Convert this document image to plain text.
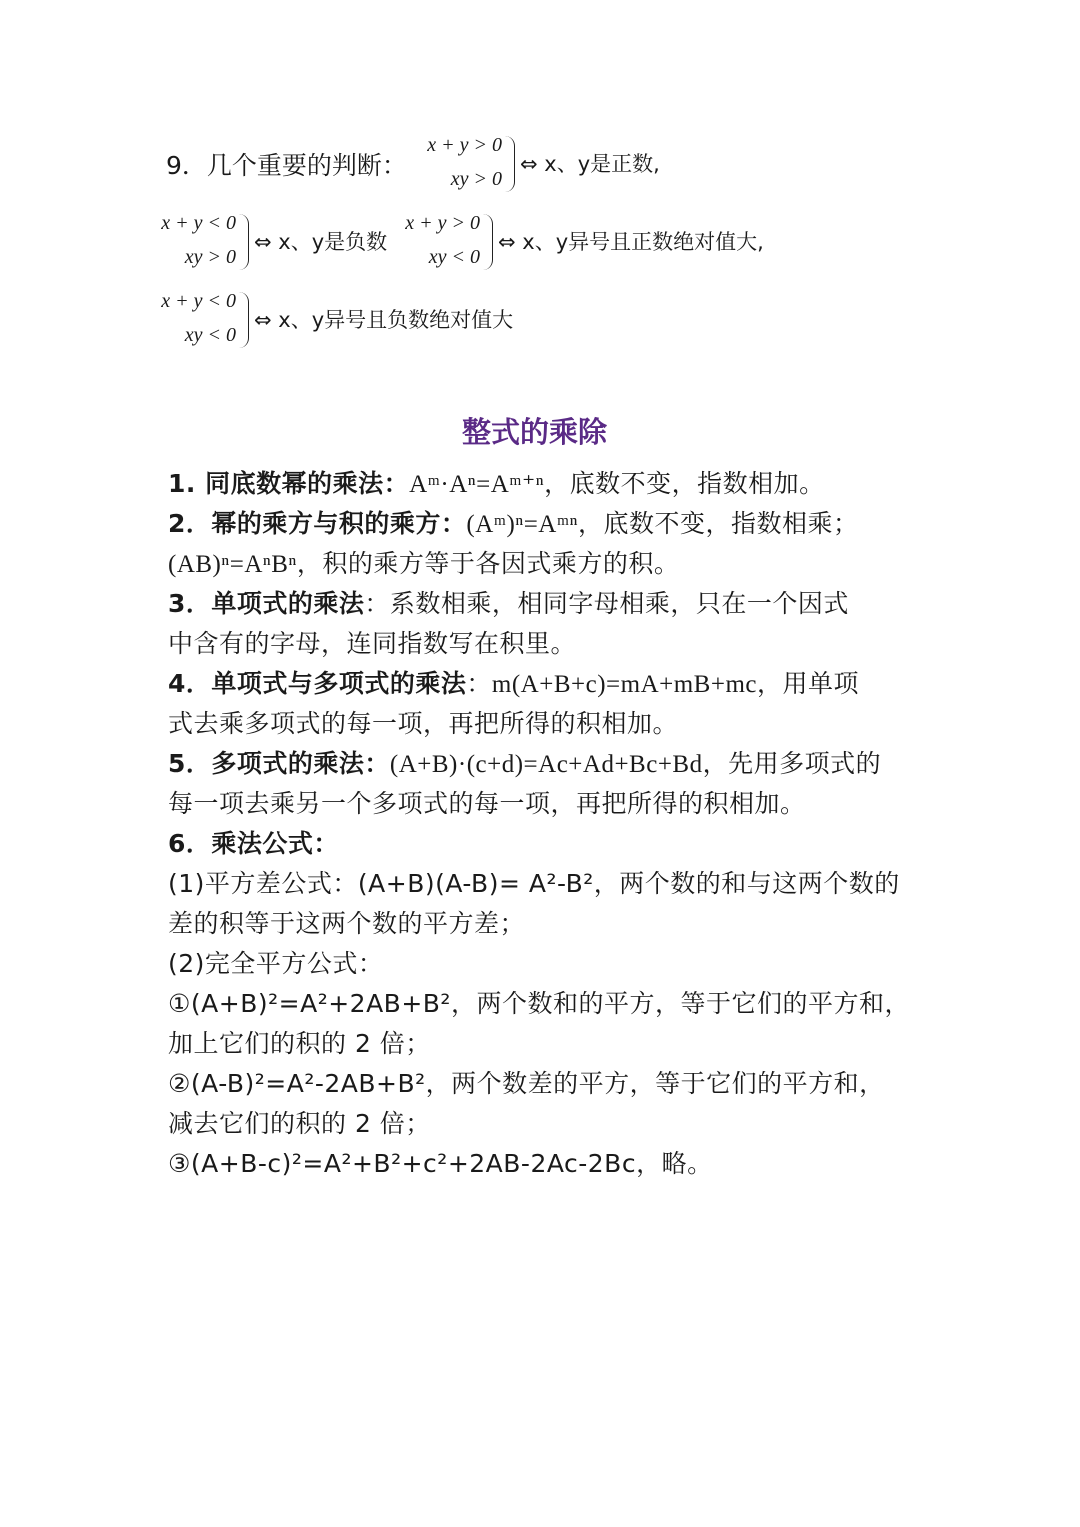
9．几个重要的判断：
x + y > 0
xy > 0
⇔ x、y是正数,
x + y < 0
xy > 0
⇔ x、y是负数
x + y > 0
xy < 0
⇔ x、y异号且正数绝对值大,
x + y < 0
xy < 0
⇔ x、y异号且负数绝对值大
整式的乘除
1. 同底数幂的乘法：Aᵐ·Aⁿ=Aᵐ⁺ⁿ，底数不变，指数相加。
2．幂的乘方与积的乘方：(Aᵐ)ⁿ=Aᵐⁿ，底数不变，指数相乘；
(AB)ⁿ=AⁿBⁿ，积的乘方等于各因式乘方的积。
3．单项式的乘法：系数相乘，相同字母相乘，只在一个因式
中含有的字母，连同指数写在积里。
4．单项式与多项式的乘法：m(A+B+c)=mA+mB+mc，用单项
式去乘多项式的每一项，再把所得的积相加。
5．多项式的乘法：(A+B)·(c+d)=Ac+Ad+Bc+Bd，先用多项式的
每一项去乘另一个多项式的每一项，再把所得的积相加。
6．乘法公式：
(1)平方差公式：(A+B)(A-B)= A²-B²，两个数的和与这两个数的
差的积等于这两个数的平方差；
(2)完全平方公式：
①(A+B)²=A²+2AB+B²，两个数和的平方，等于它们的平方和，
加上它们的积的 2 倍；
②(A-B)²=A²-2AB+B²，两个数差的平方，等于它们的平方和，
减去它们的积的 2 倍；
③(A+B-c)²=A²+B²+c²+2AB-2Ac-2Bc，略。
